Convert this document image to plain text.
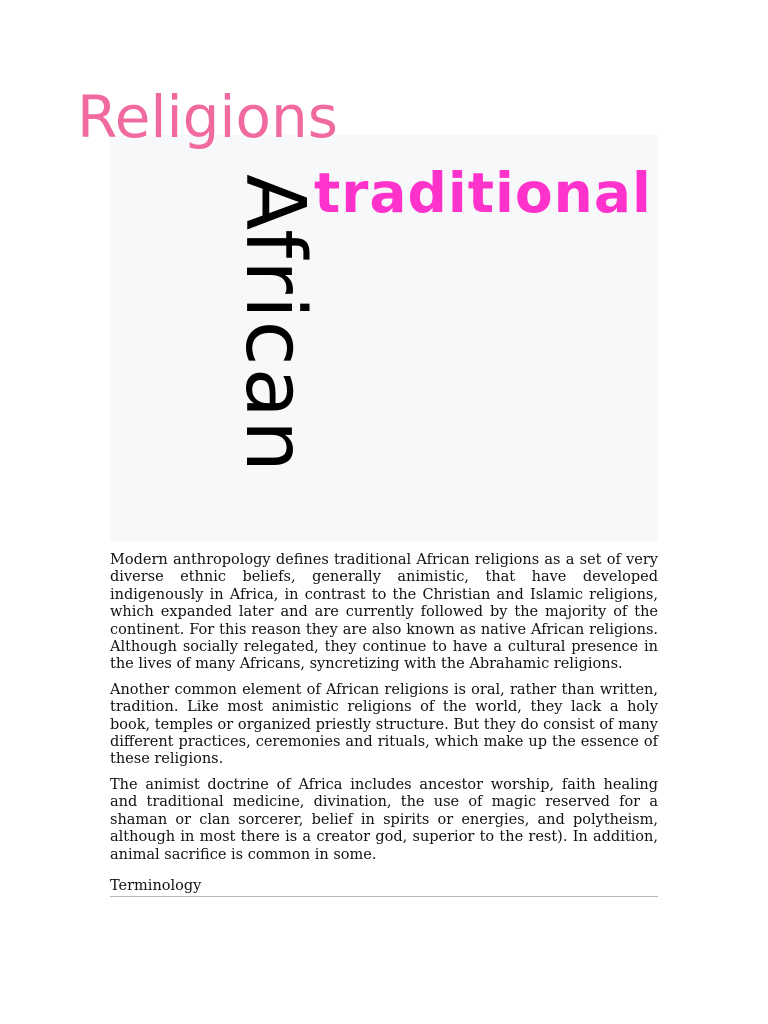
Religions
African
traditional

Modern anthropology defines traditional African religions as a set of very diverse ethnic beliefs, generally animistic, that have developed indigenously in Africa, in contrast to the Christian and Islamic religions, which expanded later and are currently followed by the majority of the continent. For this reason they are also known as native African religions. Although socially relegated, they continue to have a cultural presence in the lives of many Africans, syncretizing with the Abrahamic religions.

Another common element of African religions is oral, rather than written, tradition. Like most animistic religions of the world, they lack a holy book, temples or organized priestly structure. But they do consist of many different practices, ceremonies and rituals, which make up the essence of these religions.

The animist doctrine of Africa includes ancestor worship, faith healing and traditional medicine, divination, the use of magic reserved for a shaman or clan sorcerer, belief in spirits or energies, and polytheism, although in most there is a creator god, superior to the rest). In addition, animal sacrifice is common in some.

Terminology
